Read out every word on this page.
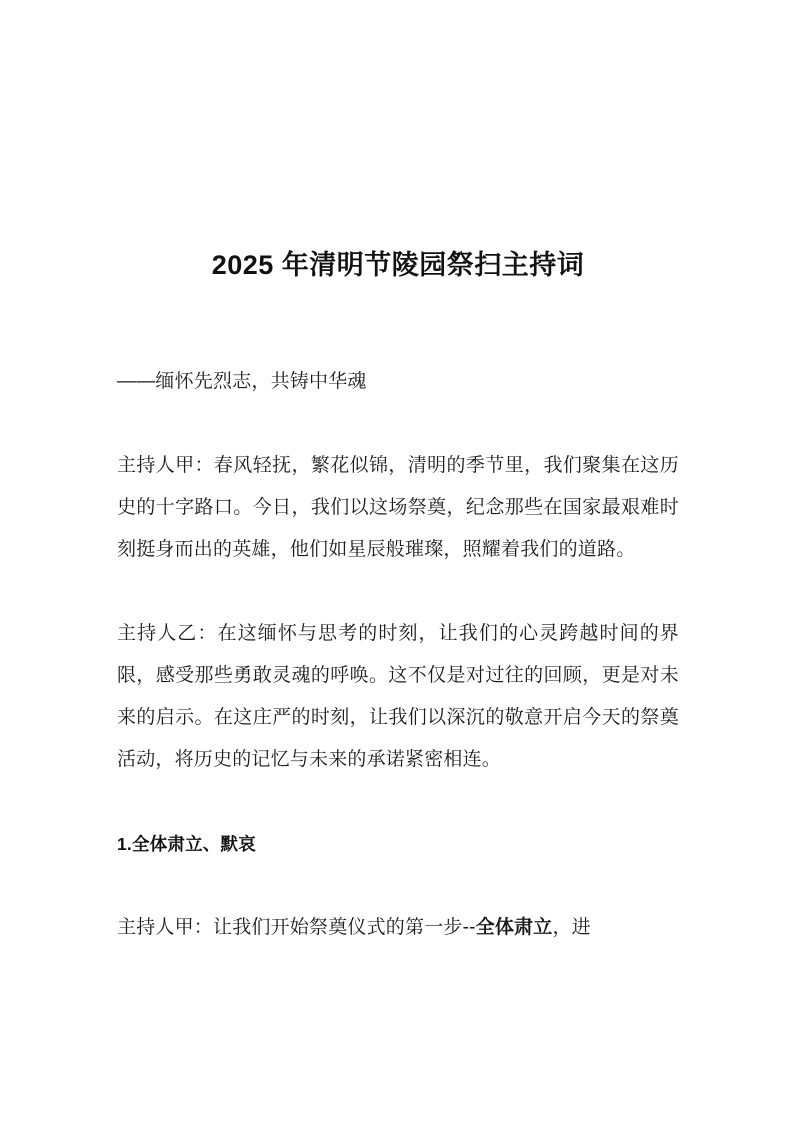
2025 年清明节陵园祭扫主持词

——缅怀先烈志，共铸中华魂

主持人甲：春风轻抚，繁花似锦，清明的季节里，我们聚集在这历史的十字路口。今日，我们以这场祭奠，纪念那些在国家最艰难时刻挺身而出的英雄，他们如星辰般璀璨，照耀着我们的道路。

主持人乙：在这缅怀与思考的时刻，让我们的心灵跨越时间的界限，感受那些勇敢灵魂的呼唤。这不仅是对过往的回顾，更是对未来的启示。在这庄严的时刻，让我们以深沉的敬意开启今天的祭奠活动，将历史的记忆与未来的承诺紧密相连。

1.全体肃立、默哀

主持人甲：让我们开始祭奠仪式的第一步--全体肃立，进
